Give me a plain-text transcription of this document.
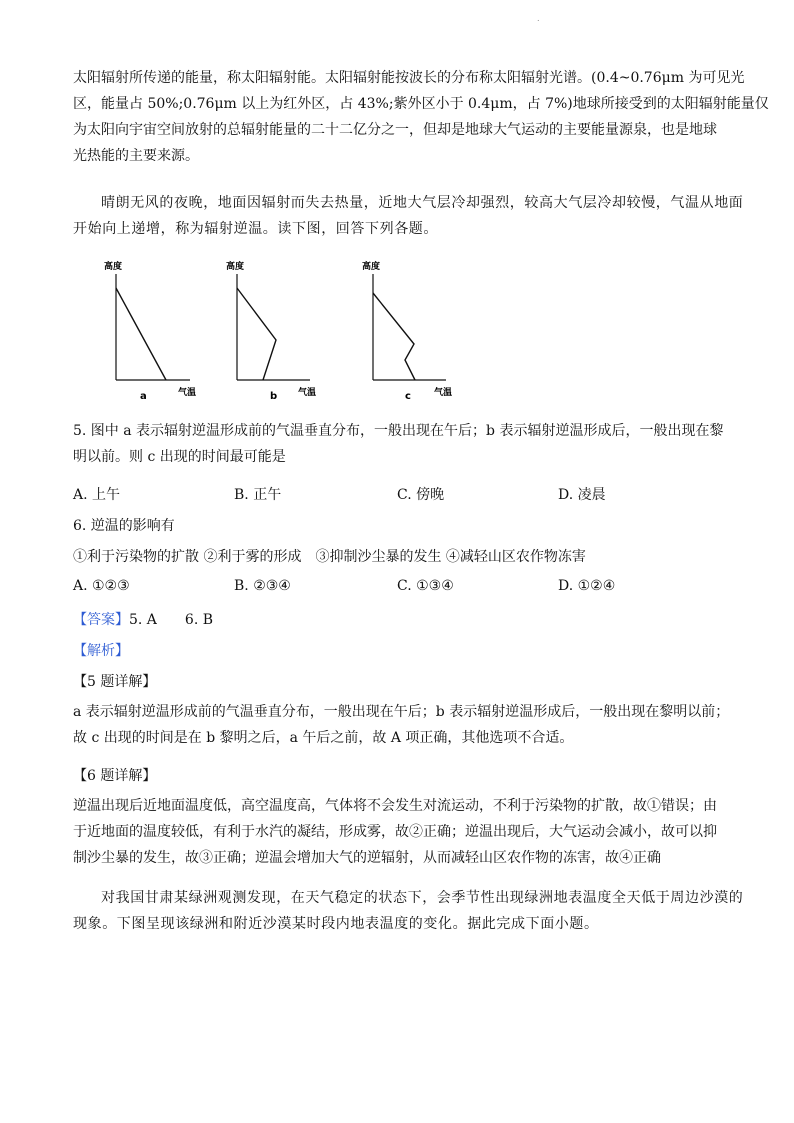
.
太阳辐射所传递的能量，称太阳辐射能。太阳辐射能按波长的分布称太阳辐射光谱。(0.4~0.76μm 为可见光
区，能量占 50%;0.76μm 以上为红外区，占 43%;紫外区小于 0.4μm，占 7%)地球所接受到的太阳辐射能量仅
为太阳向宇宙空间放射的总辐射能量的二十二亿分之一，但却是地球大气运动的主要能量源泉，也是地球
光热能的主要来源。
晴朗无风的夜晚，地面因辐射而失去热量，近地大气层冷却强烈，较高大气层冷却较慢，气温从地面
开始向上递增，称为辐射逆温。读下图，回答下列各题。
高度
a	气温
高度
b 气温
高度
c	气温
5. 图中 a 表示辐射逆温形成前的气温垂直分布，一般出现在午后；b 表示辐射逆温形成后，一般出现在黎
明以前。则 c 出现的时间最可能是
A. 上午	B. 正午	C. 傍晚	D. 凌晨
6. 逆温的影响有
①利于污染物的扩散 ②利于雾的形成　③抑制沙尘暴的发生 ④减轻山区农作物冻害
A. ①②③	B. ②③④	C. ①③④	D. ①②④
【答案】5. A　　6. B
【解析】
【5 题详解】
a 表示辐射逆温形成前的气温垂直分布，一般出现在午后；b 表示辐射逆温形成后，一般出现在黎明以前；
故 c 出现的时间是在 b 黎明之后，a 午后之前，故 A 项正确，其他选项不合适。
【6 题详解】
逆温出现后近地面温度低，高空温度高，气体将不会发生对流运动，不利于污染物的扩散，故①错误；由
于近地面的温度较低，有利于水汽的凝结，形成雾，故②正确；逆温出现后，大气运动会减小，故可以抑
制沙尘暴的发生，故③正确；逆温会增加大气的逆辐射，从而减轻山区农作物的冻害，故④正确
对我国甘肃某绿洲观测发现，在天气稳定的状态下，会季节性出现绿洲地表温度全天低于周边沙漠的
现象。下图呈现该绿洲和附近沙漠某时段内地表温度的变化。据此完成下面小题。
